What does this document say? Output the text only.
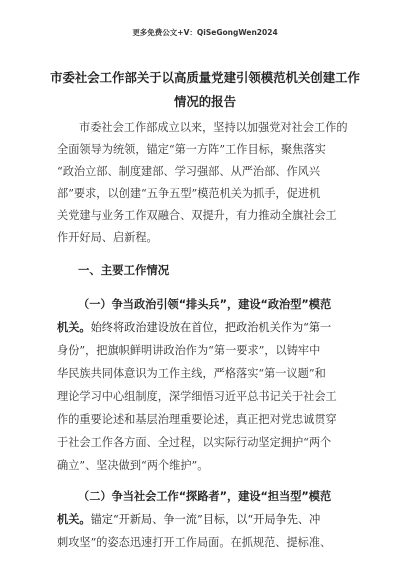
更多免费公文+V：QiSeGongWen2024
市委社会工作部关于以高质量党建引领模范机关创建工作
情况的报告
市委社会工作部成立以来，坚持以加强党对社会工作的
全面领导为统领，锚定“第一方阵”工作目标，聚焦落实
“政治立部、制度建部、学习强部、从严治部、作风兴
部”要求，以创建“五争五型”模范机关为抓手，促进机
关党建与业务工作双融合、双提升，有力推动全旗社会工
作开好局、启新程。
一、主要工作情况
（一）争当政治引领“排头兵”，建设“政治型”模范
机关。始终将政治建设放在首位，把政治机关作为“第一
身份”，把旗帜鲜明讲政治作为“第一要求”，以铸牢中
华民族共同体意识为工作主线，严格落实“第一议题”和
理论学习中心组制度，深学细悟习近平总书记关于社会工
作的重要论述和基层治理重要论述，真正把对党忠诚贯穿
于社会工作各方面、全过程，以实际行动坚定拥护“两个
确立”、坚决做到“两个维护”。
（二）争当社会工作“探路者”，建设“担当型”模范
机关。锚定“开新局、争一流”目标，以“开局争先、冲
刺攻坚”的姿态迅速打开工作局面。在抓规范、提标准、
